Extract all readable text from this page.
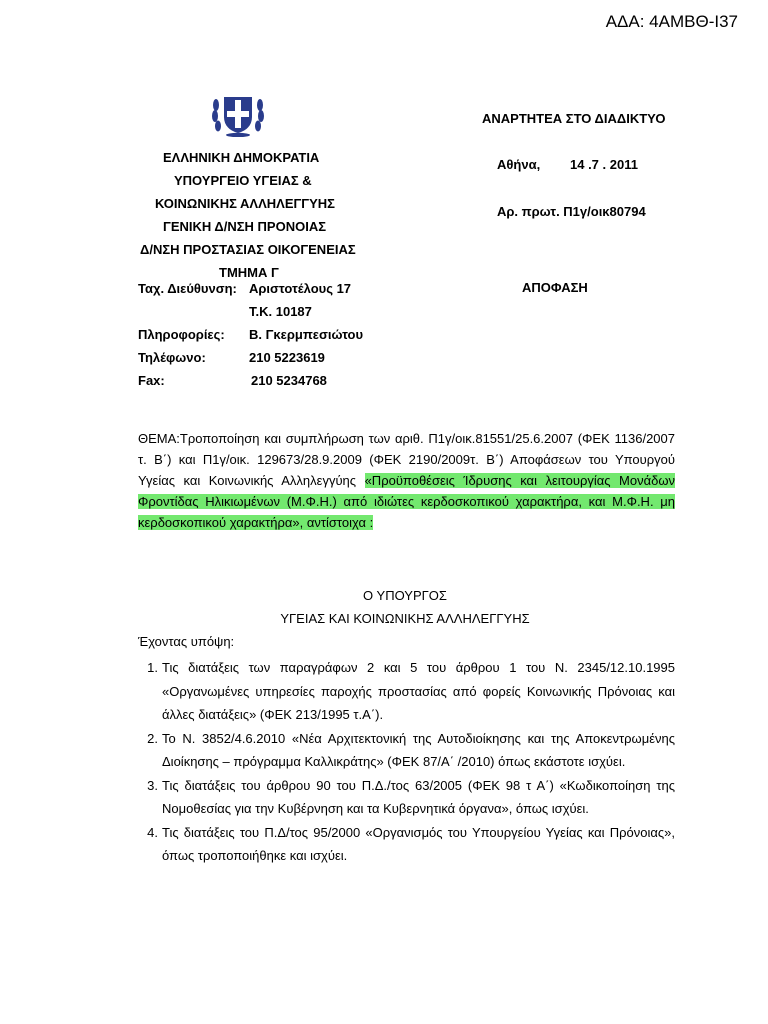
ΑΔΑ: 4ΑΜΒΘ-Ι37
ΕΛΛΗΝΙΚΗ ΔΗΜΟΚΡΑΤΙΑ
ΥΠΟΥΡΓΕΙΟ ΥΓΕΙΑΣ &
ΚΟΙΝΩΝΙΚΗΣ ΑΛΛΗΛΕΓΓΥΗΣ
ΓΕΝΙΚΗ Δ/ΝΣΗ ΠΡΟΝΟΙΑΣ
Δ/ΝΣΗ ΠΡΟΣΤΑΣΙΑΣ ΟΙΚΟΓΕΝΕΙΑΣ
ΤΜΗΜΑ Γ
ΑΝΑΡΤΗΤΕΑ ΣΤΟ ΔΙΑΔΙΚΤΥΟ
Αθήνα, 14 .7 . 2011
Αρ. πρωτ. Π1γ/οικ80794
ΑΠΟΦΑΣΗ
Ταχ. Διεύθυνση: Αριστοτέλους 17
Τ.Κ. 10187
Πληροφορίες: Β. Γκερμπεσιώτου
Τηλέφωνο:	210 5223619
Fax:	210 5234768
ΘΕΜΑ:Τροποποίηση και συμπλήρωση των αριθ. Π1γ/οικ.81551/25.6.2007 (ΦΕΚ 1136/2007 τ. Β΄) και Π1γ/οικ. 129673/28.9.2009 (ΦΕΚ 2190/2009τ. Β΄) Αποφάσεων του Υπουργού Υγείας και Κοινωνικής Αλληλεγγύης «Προϋποθέσεις Ίδρυσης και λειτουργίας Μονάδων Φροντίδας Ηλικιωμένων (Μ.Φ.Η.) από ιδιώτες κερδοσκοπικού χαρακτήρα, και Μ.Φ.Η. μη κερδοσκοπικού χαρακτήρα», αντίστοιχα :
Ο ΥΠΟΥΡΓΟΣ
ΥΓΕΙΑΣ ΚΑΙ ΚΟΙΝΩΝΙΚΗΣ ΑΛΛΗΛΕΓΓΥΗΣ
Έχοντας υπόψη:
1. Τις διατάξεις των παραγράφων 2 και 5 του άρθρου 1 του Ν. 2345/12.10.1995 «Οργανωμένες υπηρεσίες παροχής προστασίας από φορείς Κοινωνικής Πρόνοιας και άλλες διατάξεις» (ΦΕΚ 213/1995 τ.Α΄).
2. Το Ν. 3852/4.6.2010 «Νέα Αρχιτεκτονική της Αυτοδιοίκησης και της Αποκεντρωμένης Διοίκησης – πρόγραμμα Καλλικράτης» (ΦΕΚ 87/Α΄ /2010) όπως εκάστοτε ισχύει.
3. Τις διατάξεις του άρθρου 90 του Π.Δ./τος 63/2005 (ΦΕΚ 98 τ Α΄) «Κωδικοποίηση της Νομοθεσίας για την Κυβέρνηση και τα Κυβερνητικά όργανα», όπως ισχύει.
4. Τις διατάξεις του Π.Δ/τος 95/2000 «Οργανισμός του Υπουργείου Υγείας και Πρόνοιας», όπως τροποποιήθηκε και ισχύει.
